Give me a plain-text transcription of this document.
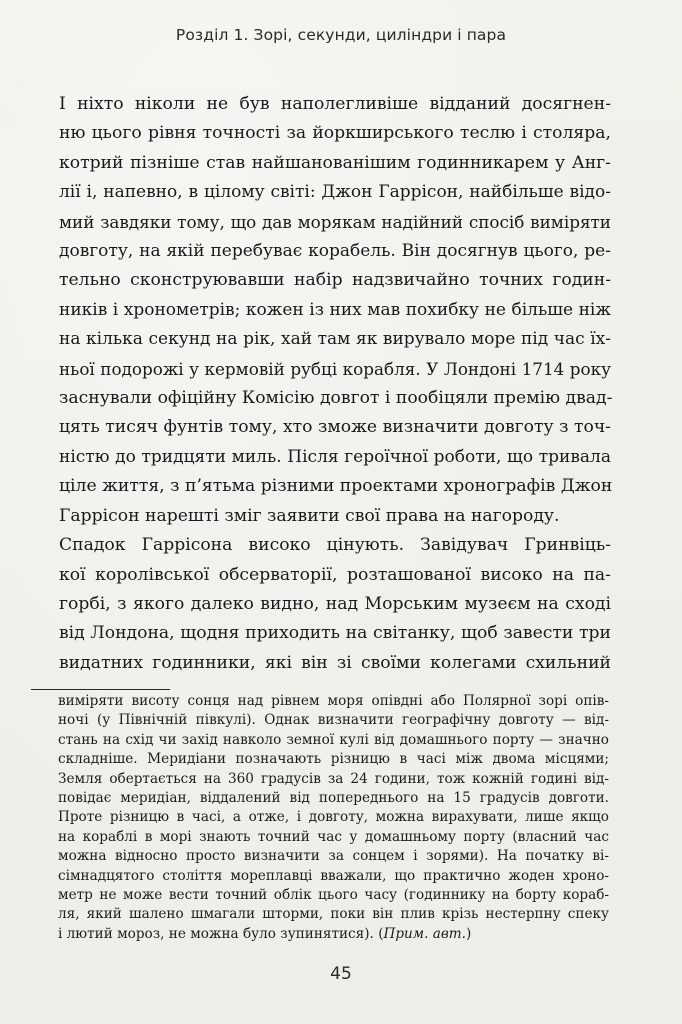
Розділ 1. Зорі, секунди, циліндри і пара

І ніхто ніколи не був наполегливіше відданий досягнен-
ню цього рівня точності за йоркширського теслю і столяра,
котрий пізніше став найшанованішим годинникарем у Анг-
лії і, напевно, в цілому світі: Джон Гаррісон, найбільше відо-
мий завдяки тому, що дав морякам надійний спосіб виміряти
довготу, на якій перебуває корабель. Він досягнув цього, ре-
тельно сконструювавши набір надзвичайно точних годин-
ників і хронометрів; кожен із них мав похибку не більше ніж
на кілька секунд на рік, хай там як вирувало море під час їх-
ньої подорожі у кермовій рубці корабля. У Лондоні 1714 року
заснували офіційну Комісію довгот і пообіцяли премію двад-
цять тисяч фунтів тому, хто зможе визначити довготу з точ-
ністю до тридцяти миль. Після героїчної роботи, що тривала
ціле життя, з п’ятьма різними проектами хронографів Джон
Гаррісон нарешті зміг заявити свої права на нагороду.

Спадок Гаррісона високо цінують. Завідувач Гринвіць-
кої королівської обсерваторії, розташованої високо на па-
горбі, з якого далеко видно, над Морським музеєм на сході
від Лондона, щодня приходить на світанку, щоб завести три
видатних годинники, які він зі своїми колегами схильний

виміряти висоту сонця над рівнем моря опівдні або Полярної зорі опів-
ночі (у Північній півкулі). Однак визначити географічну довготу — від-
стань на схід чи захід навколо земної кулі від домашнього порту — значно
складніше. Меридіани позначають різницю в часі між двома місцями;
Земля обертається на 360 градусів за 24 години, тож кожній годині від-
повідає меридіан, віддалений від попереднього на 15 градусів довготи.
Проте різницю в часі, а отже, і довготу, можна вирахувати, лише якщо
на кораблі в морі знають точний час у домашньому порту (власний час
можна відносно просто визначити за сонцем і зорями). На початку ві-
сімнадцятого століття мореплавці вважали, що практично жоден хроно-
метр не може вести точний облік цього часу (годиннику на борту кораб-
ля, який шалено шмагали шторми, поки він плив крізь нестерпну спеку
і лютий мороз, не можна було зупинятися). (Прим. авт.)
45
